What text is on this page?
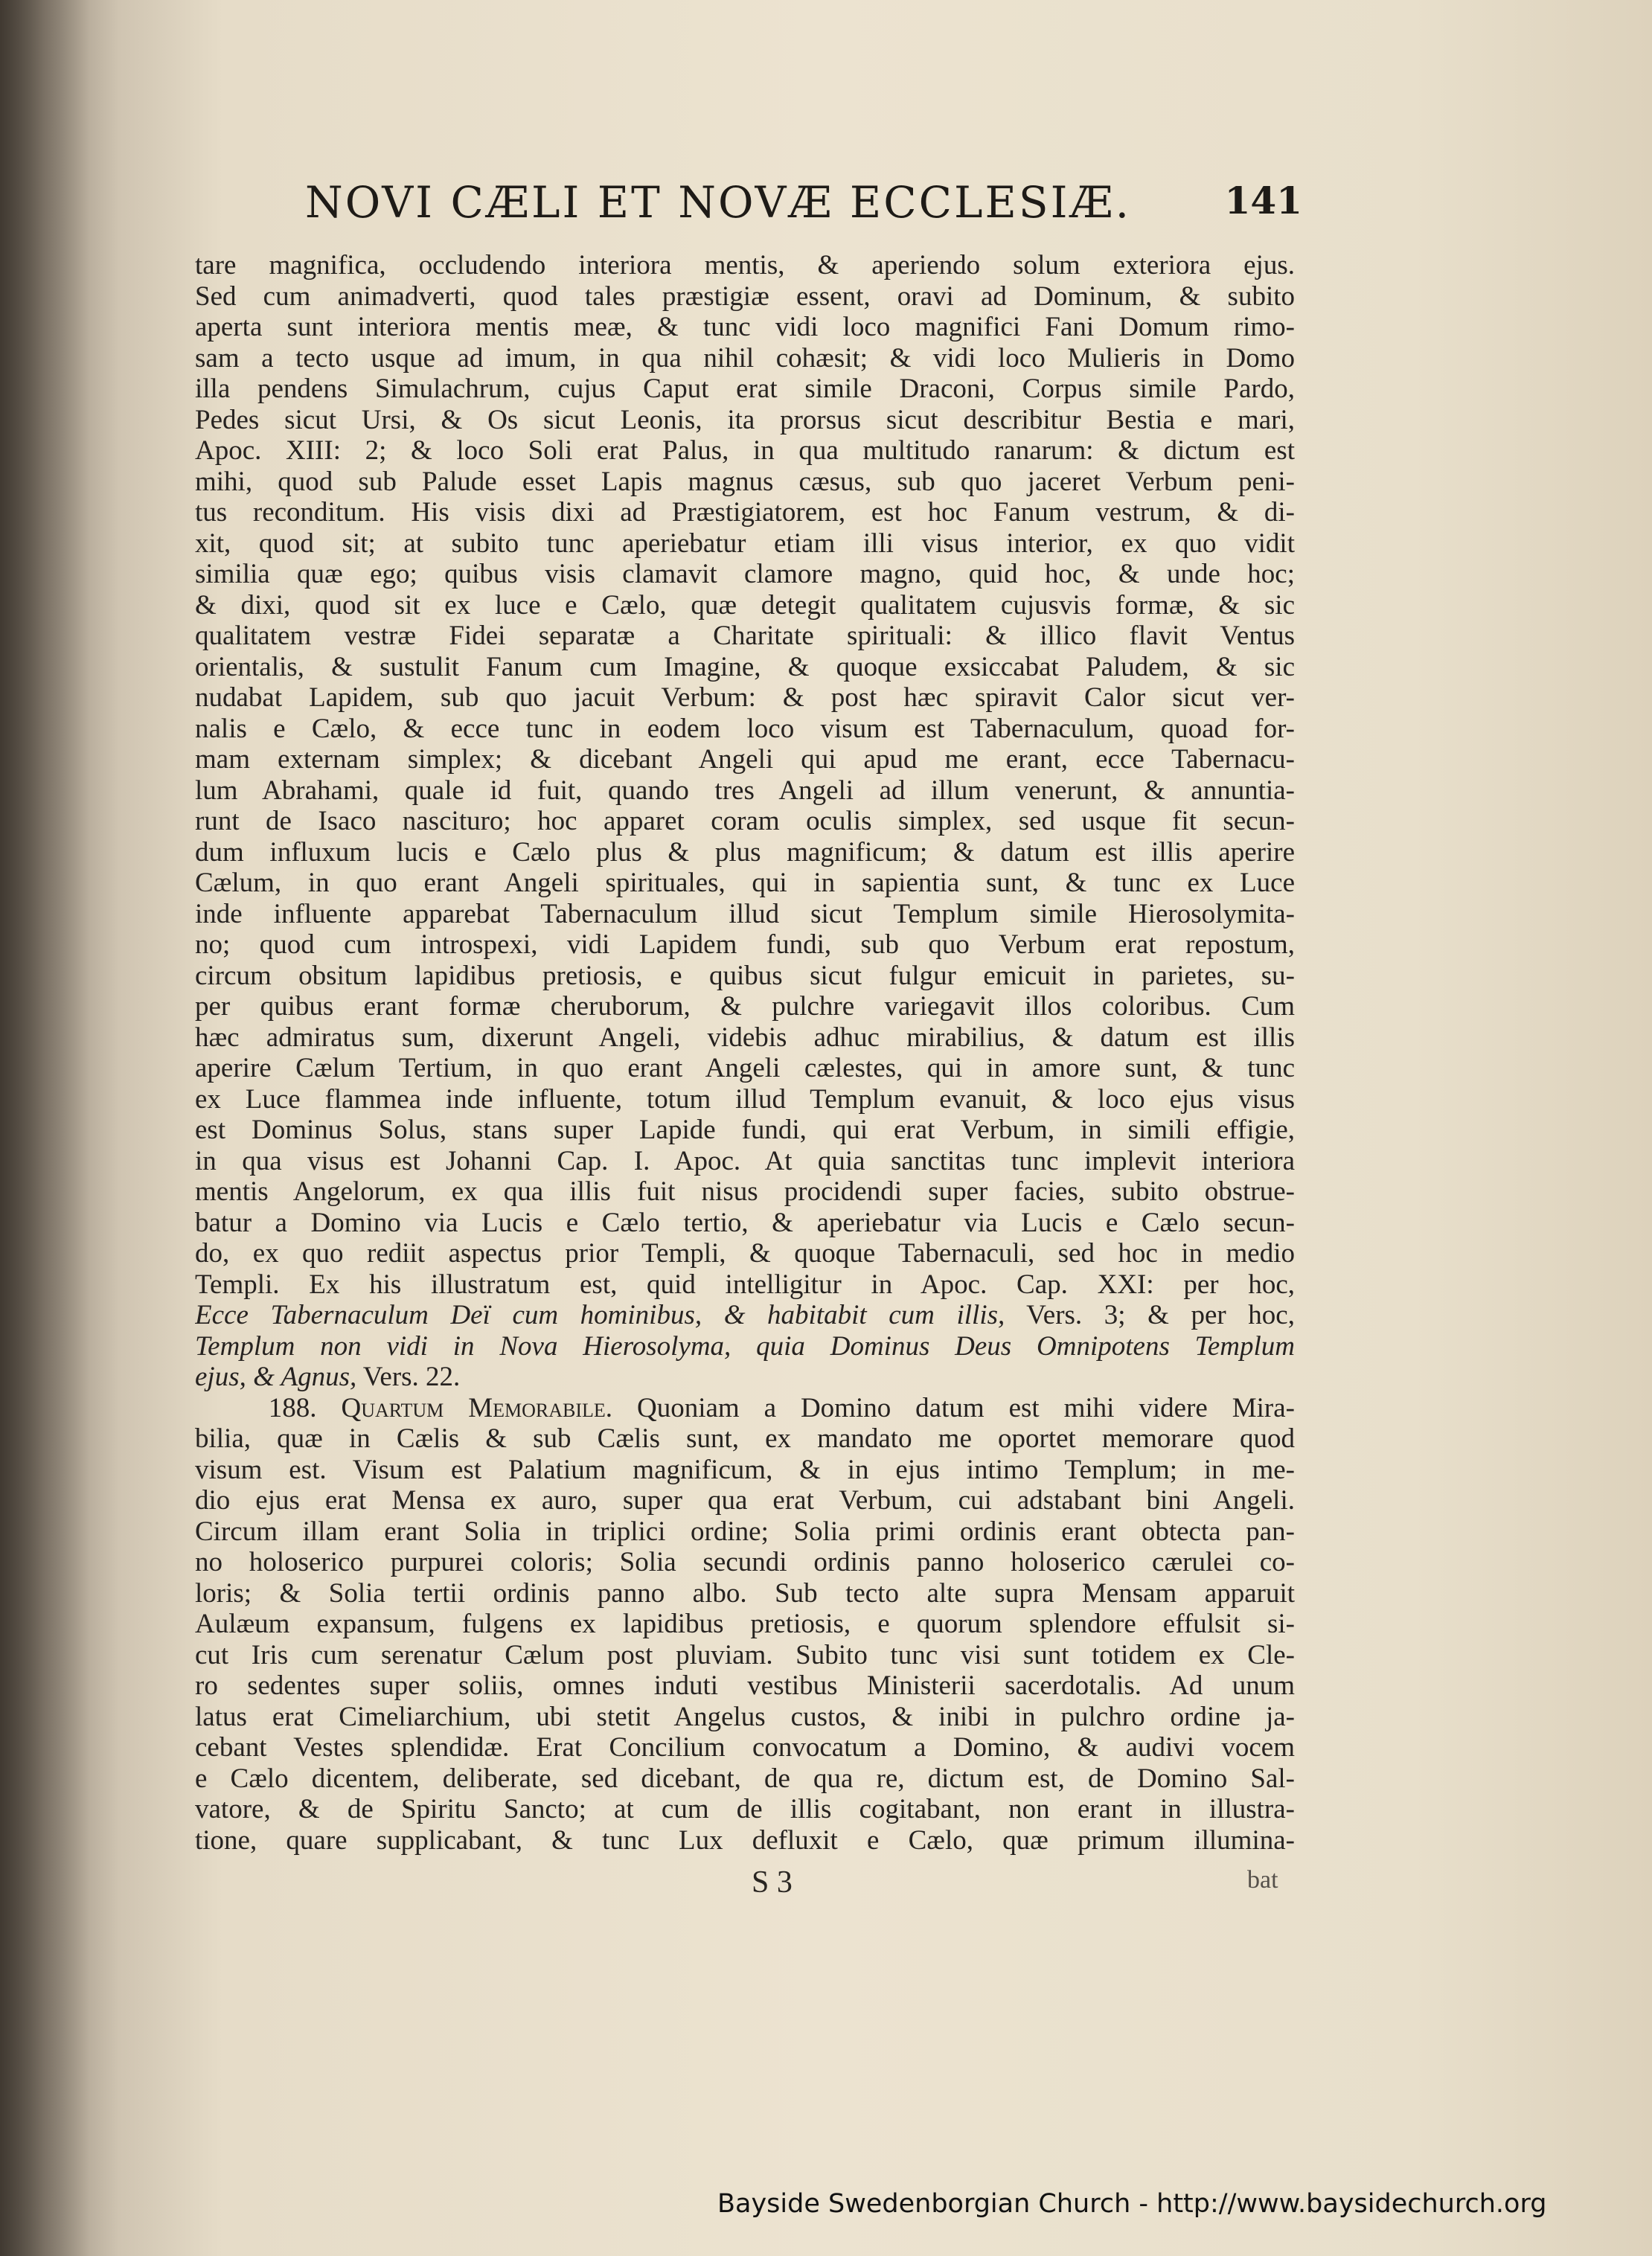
NOVI CÆLI ET NOVÆ ECCLESIÆ.	141
tare magnifica, occludendo interiora mentis, & aperiendo solum exteriora ejus.
Sed cum animadverti, quod tales præstigiæ essent, oravi ad Dominum, & subito
aperta sunt interiora mentis meæ, & tunc vidi loco magnifici Fani Domum rimo-
sam a tecto usque ad imum, in qua nihil cohæsit; & vidi loco Mulieris in Domo
illa pendens Simulachrum, cujus Caput erat simile Draconi, Corpus simile Pardo,
Pedes sicut Ursi, & Os sicut Leonis, ita prorsus sicut describitur Bestia e mari,
Apoc. XIII: 2; & loco Soli erat Palus, in qua multitudo ranarum: & dictum est
mihi, quod sub Palude esset Lapis magnus cæsus, sub quo jaceret Verbum peni-
tus reconditum. His visis dixi ad Præstigiatorem, est hoc Fanum vestrum, & di-
xit, quod sit; at subito tunc aperiebatur etiam illi visus interior, ex quo vidit
similia quæ ego; quibus visis clamavit clamore magno, quid hoc, & unde hoc;
& dixi, quod sit ex luce e Cælo, quæ detegit qualitatem cujusvis formæ, & sic
qualitatem vestræ Fidei separatæ a Charitate spirituali: & illico flavit Ventus
orientalis, & sustulit Fanum cum Imagine, & quoque exsiccabat Paludem, & sic
nudabat Lapidem, sub quo jacuit Verbum: & post hæc spiravit Calor sicut ver-
nalis e Cælo, & ecce tunc in eodem loco visum est Tabernaculum, quoad for-
mam externam simplex; & dicebant Angeli qui apud me erant, ecce Tabernacu-
lum Abrahami, quale id fuit, quando tres Angeli ad illum venerunt, & annuntia-
runt de Isaco nascituro; hoc apparet coram oculis simplex, sed usque fit secun-
dum influxum lucis e Cælo plus & plus magnificum; & datum est illis aperire
Cælum, in quo erant Angeli spirituales, qui in sapientia sunt, & tunc ex Luce
inde influente apparebat Tabernaculum illud sicut Templum simile Hierosolymita-
no; quod cum introspexi, vidi Lapidem fundi, sub quo Verbum erat repostum,
circum obsitum lapidibus pretiosis, e quibus sicut fulgur emicuit in parietes, su-
per quibus erant formæ cheruborum, & pulchre variegavit illos coloribus. Cum
hæc admiratus sum, dixerunt Angeli, videbis adhuc mirabilius, & datum est illis
aperire Cælum Tertium, in quo erant Angeli cælestes, qui in amore sunt, & tunc
ex Luce flammea inde influente, totum illud Templum evanuit, & loco ejus visus
est Dominus Solus, stans super Lapide fundi, qui erat Verbum, in simili effigie,
in qua visus est Johanni Cap. I. Apoc. At quia sanctitas tunc implevit interiora
mentis Angelorum, ex qua illis fuit nisus procidendi super facies, subito obstrue-
batur a Domino via Lucis e Cælo tertio, & aperiebatur via Lucis e Cælo secun-
do, ex quo rediit aspectus prior Templi, & quoque Tabernaculi, sed hoc in medio
Templi. Ex his illustratum est, quid intelligitur in Apoc. Cap. XXI: per hoc,
Ecce Tabernaculum Deï cum hominibus, & habitabit cum illis, Vers. 3; & per hoc,
Templum non vidi in Nova Hierosolyma, quia Dominus Deus Omnipotens Templum
ejus, & Agnus, Vers. 22.
188. Quartum Memorabile. Quoniam a Domino datum est mihi videre Mira-
bilia, quæ in Cælis & sub Cælis sunt, ex mandato me oportet memorare quod
visum est. Visum est Palatium magnificum, & in ejus intimo Templum; in me-
dio ejus erat Mensa ex auro, super qua erat Verbum, cui adstabant bini Angeli.
Circum illam erant Solia in triplici ordine; Solia primi ordinis erant obtecta pan-
no holoserico purpurei coloris; Solia secundi ordinis panno holoserico cærulei co-
loris; & Solia tertii ordinis panno albo. Sub tecto alte supra Mensam apparuit
Aulæum expansum, fulgens ex lapidibus pretiosis, e quorum splendore effulsit si-
cut Iris cum serenatur Cælum post pluviam. Subito tunc visi sunt totidem ex Cle-
ro sedentes super soliis, omnes induti vestibus Ministerii sacerdotalis. Ad unum
latus erat Cimeliarchium, ubi stetit Angelus custos, & inibi in pulchro ordine ja-
cebant Vestes splendidæ. Erat Concilium convocatum a Domino, & audivi vocem
e Cælo dicentem, deliberate, sed dicebant, de qua re, dictum est, de Domino Sal-
vatore, & de Spiritu Sancto; at cum de illis cogitabant, non erant in illustra-
tione, quare supplicabant, & tunc Lux defluxit e Cælo, quæ primum illumina-
S 3	bat
Bayside Swedenborgian Church - http://www.baysidechurch.org
